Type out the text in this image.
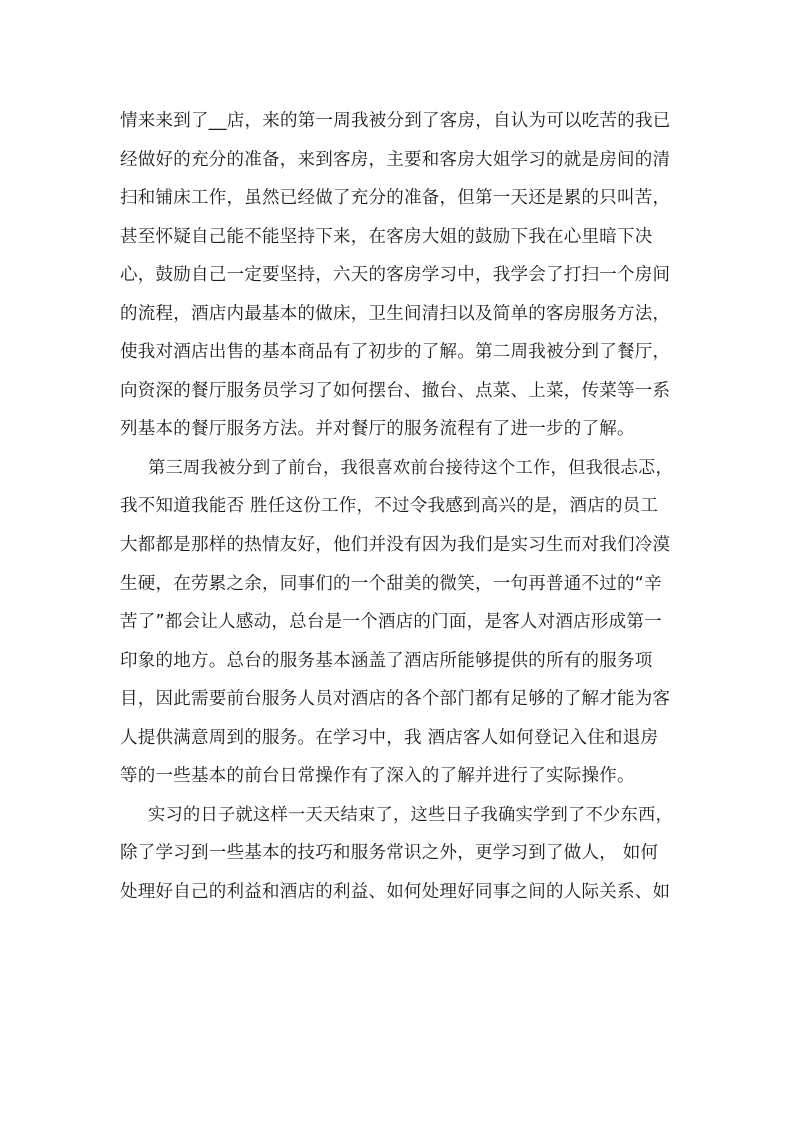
情来来到了__店，来的第一周我被分到了客房，自认为可以吃苦的我已
经做好的充分的准备，来到客房，主要和客房大姐学习的就是房间的清
扫和铺床工作，虽然已经做了充分的准备，但第一天还是累的只叫苦，
甚至怀疑自己能不能坚持下来，在客房大姐的鼓励下我在心里暗下决
心，鼓励自己一定要坚持，六天的客房学习中，我学会了打扫一个房间
的流程，酒店内最基本的做床，卫生间清扫以及简单的客房服务方法，
使我对酒店出售的基本商品有了初步的了解。第二周我被分到了餐厅，
向资深的餐厅服务员学习了如何摆台、撤台、点菜、上菜，传菜等一系
列基本的餐厅服务方法。并对餐厅的服务流程有了进一步的了解。
第三周我被分到了前台，我很喜欢前台接待这个工作，但我很忐忑，
我不知道我能否 胜任这份工作，不过令我感到高兴的是，酒店的员工
大都都是那样的热情友好，他们并没有因为我们是实习生而对我们冷漠
生硬，在劳累之余，同事们的一个甜美的微笑，一句再普通不过的“辛
苦了”都会让人感动，总台是一个酒店的门面，是客人对酒店形成第一
印象的地方。总台的服务基本涵盖了酒店所能够提供的所有的服务项
目，因此需要前台服务人员对酒店的各个部门都有足够的了解才能为客
人提供满意周到的服务。在学习中，我 酒店客人如何登记入住和退房
等的一些基本的前台日常操作有了深入的了解并进行了实际操作。
实习的日子就这样一天天结束了，这些日子我确实学到了不少东西，
除了学习到一些基本的技巧和服务常识之外，更学习到了做人， 如何
处理好自己的利益和酒店的利益、如何处理好同事之间的人际关系、如
